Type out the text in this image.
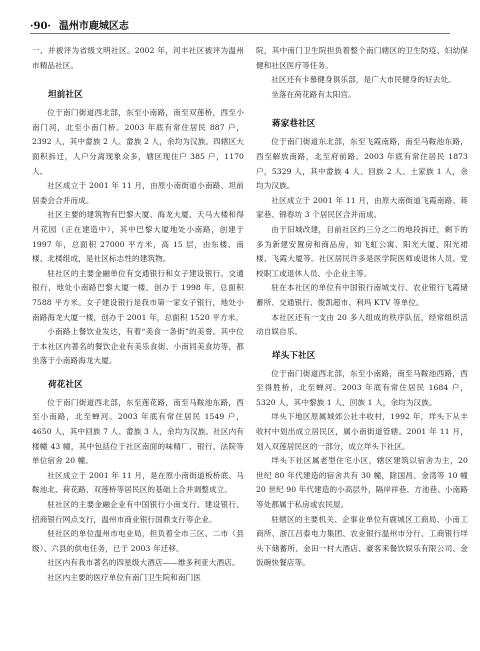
·90· 温州市鹿城区志

一、并被评为省级文明社区。2002 年，河丰社区被评为温州市精品社区。

坦前社区

位于南门街道西北部，东至小南路，南至双莲桥，西至小南门河，北至小南门桥。2003 年底有常住居民 887 户，2392 人，其中畲族 2 人、畲族 2 人，余均为汉族。四辖区大面积拆迁，人户分离现象众多，辖区现住户 385 户，1170 人。

社区成立于 2001 年 11 月，由原小南街道小南路、坦前居委会合并而成。

社区主要的建筑物有巴黎大厦、海龙大厦、天马大楼和得月花园（正在建造中），其中巴黎大厦地处小南路，创建于 1997 年，总面积 27000 平方米，高 15 层，由东楼、南楼、北楼组成，是社区标志性的建筑物。

驻社区的主要金融单位有交通银行和女子建设银行。交通银行，地处小南路巴黎大厦一楼，创办于 1998 年，总面积 7588 平方米。女子建设银行是我市第一家女子银行，地处小南路海龙大厦一楼，创办于 2001 年，总面积 1520 平方米。

小南路上餐饮业发达，有着“美食一条街”的美誉。其中位于本社区内著名的餐饮企业有美乐食街、小南同美食坊等，都坐落于小南路海龙大厦。

荷花社区

位于南门街道西北部，东至莲花路，南至马鞍池东路，西至小南路，北至蝉河。2003 年底有常住居民 1549 户，4650 人，其中回族 7 人、畲族 3 人，余均为汉族。社区内有楼幢 43 幢，其中包括位于社区南面的味精厂、银行、法院等单位宿舍 20 幢。

社区成立于 2001 年 11 月，是在原小南街道板桥底、马鞍池北、荷花路、双莲桥等居民区的基础上合并调整成立。

驻社区的主要金融企业有中国银行小南支行、建设银行、招商银行网点支行，温州市商业银行国鼎支行等企业。

驻社区的单位温州市电业局，担负着全市三区、二市（县级）、六县的供电任务，已于 2003 年迁移。

社区内有我市著名的四星级大酒店——维多利亚大酒店。

社区内主要的医疗单位有南门卫生院和南门医

院，其中南门卫生院担负着整个南门辖区的卫生防疫、妇幼保健和社区医疗等任务。

社区还有卡慕健身俱乐部，是广大市民健身的好去处。

坐落在荷花路有太阳宫。

蒋家巷社区

位于南门街道东北部，东至飞霞南路，南至马鞍池东路，西至解放南路，北至府前路。2003 年底有常住居民 1873 户，5329 人，其中畲族 4 人、回族 2 人、土家族 1 人，余均为汉族。

社区成立于 2001 年 11 月，由原大南街道飞霞南路、蒋家巷、锦春坊 3 个居民区合并而成。

由于旧城改建，目前社区约三分之二的地段拆迁，剩下的多为新建安置房和商品房，如飞虹公寓、阳光大厦、阳光裙楼、飞霞大厦等。社区居民许多是医学院医师或退休人员、党校职工或退休人员、小企业主等。

驻在本社区的单位有中国银行南城支行、农业银行飞霞储蓄所、交通银行、俊凯超市、利玛 KTV 等单位。

本社区还有一支由 20 多人组成的秩序队伍，经常组织活动自娱自乐。

垟头下社区

位于南门街道西北部，东至小南路，南至马鞍池西路，西至得胜桥，北至蝉河。2003 年底有常住居民 1684 户，5320 人，其中黎族 1 人、回族 1 人，余均为汉族。

垟头下地区原属城郊公社丰收村，1992 年，垟头下从丰收村中划出成立居民区，属小南街道管辖。2001 年 11 月，划入双莲居民区的一部分，成立垟头下社区。

垟头下社区属老型住宅小区，辖区建筑以宿舍为主，20 世纪 80 年代建造的宿舍共有 30 幢，除国昌、金湾等 10 幢 20 世纪 90 年代建造的小高层外，隔岸祥巷、方池巷、小南路等处都属于私房或农民屋。

驻辖区的主要机关、企事业单位有鹿城区工商局、小南工商所、浙江吕泰电力集团、农业银行温州市分行、工商银行垟头下储蓄所、金田一村大酒店、豪客来餐饮娱乐有限公司、金饭碗快餐店等。
